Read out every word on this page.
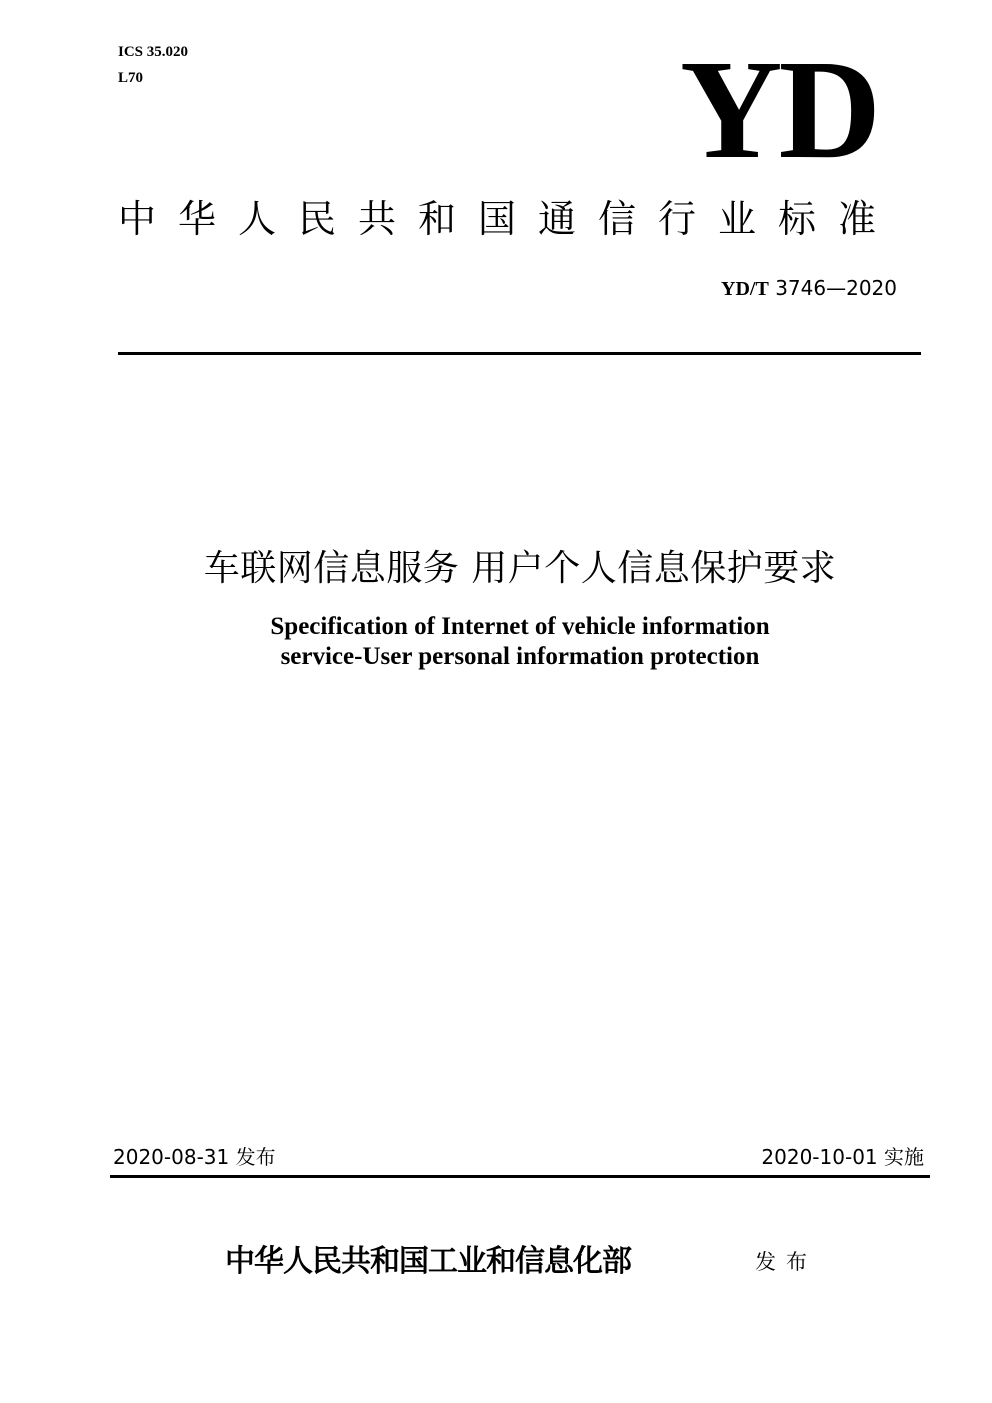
ICS 35.020
L70	YD
中华人民共和国通信行业标准
YD/T 3746—2020
车联网信息服务 用户个人信息保护要求
Specification of Internet of vehicle information
service-User personal information protection
2020-08-31 发布	2020-10-01 实施
中华人民共和国工业和信息化部	发布
